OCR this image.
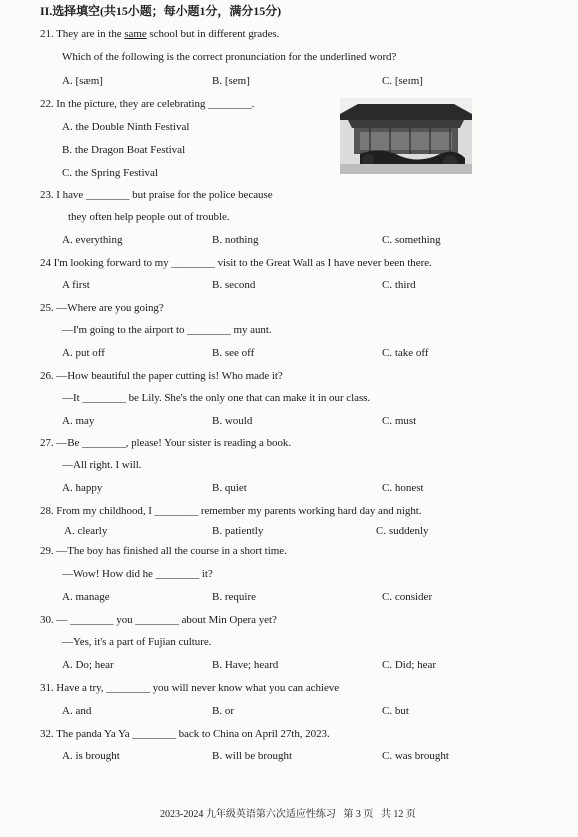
II.选择填空(共15小题；每小题1分，满分15分)
21. They are in the same school but in different grades.
Which of the following is the correct pronunciation for the underlined word?
A. [sæm]	B. [sem]	C. [seɪm]
22. In the picture, they are celebrating ________.
A. the Double Ninth Festival
B. the Dragon Boat Festival
C. the Spring Festival
23. I have ________ but praise for the police because
they often help people out of trouble.
A. everything	B. nothing	C. something
24 I'm looking forward to my ________ visit to the Great Wall as I have never been there.
A first	B. second	C. third
25. —Where are you going?
—I'm going to the airport to ________ my aunt.
A. put off	B. see off	C. take off
26. —How beautiful the paper cutting is! Who made it?
—It ________ be Lily. She's the only one that can make it in our class.
A. may	B. would	C. must
27. —Be ________, please! Your sister is reading a book.
—All right. I will.
A. happy	B. quiet	C. honest
28. From my childhood, I ________ remember my parents working hard day and night.
A. clearly	B. patiently	C. suddenly
29. —The boy has finished all the course in a short time.
—Wow! How did he ________ it?
A. manage	B. require	C. consider
30. — ________ you ________ about Min Opera yet?
—Yes, it's a part of Fujian culture.
A. Do; hear	B. Have; heard	C. Did; hear
31. Have a try, ________ you will never know what you can achieve
A. and	B. or	C. but
32. The panda Ya Ya ________ back to China on April 27th, 2023.
A. is brought	B. will be brought	C. was brought
2023-2024 九年级英语第六次适应性练习   第 3 页   共 12 页
